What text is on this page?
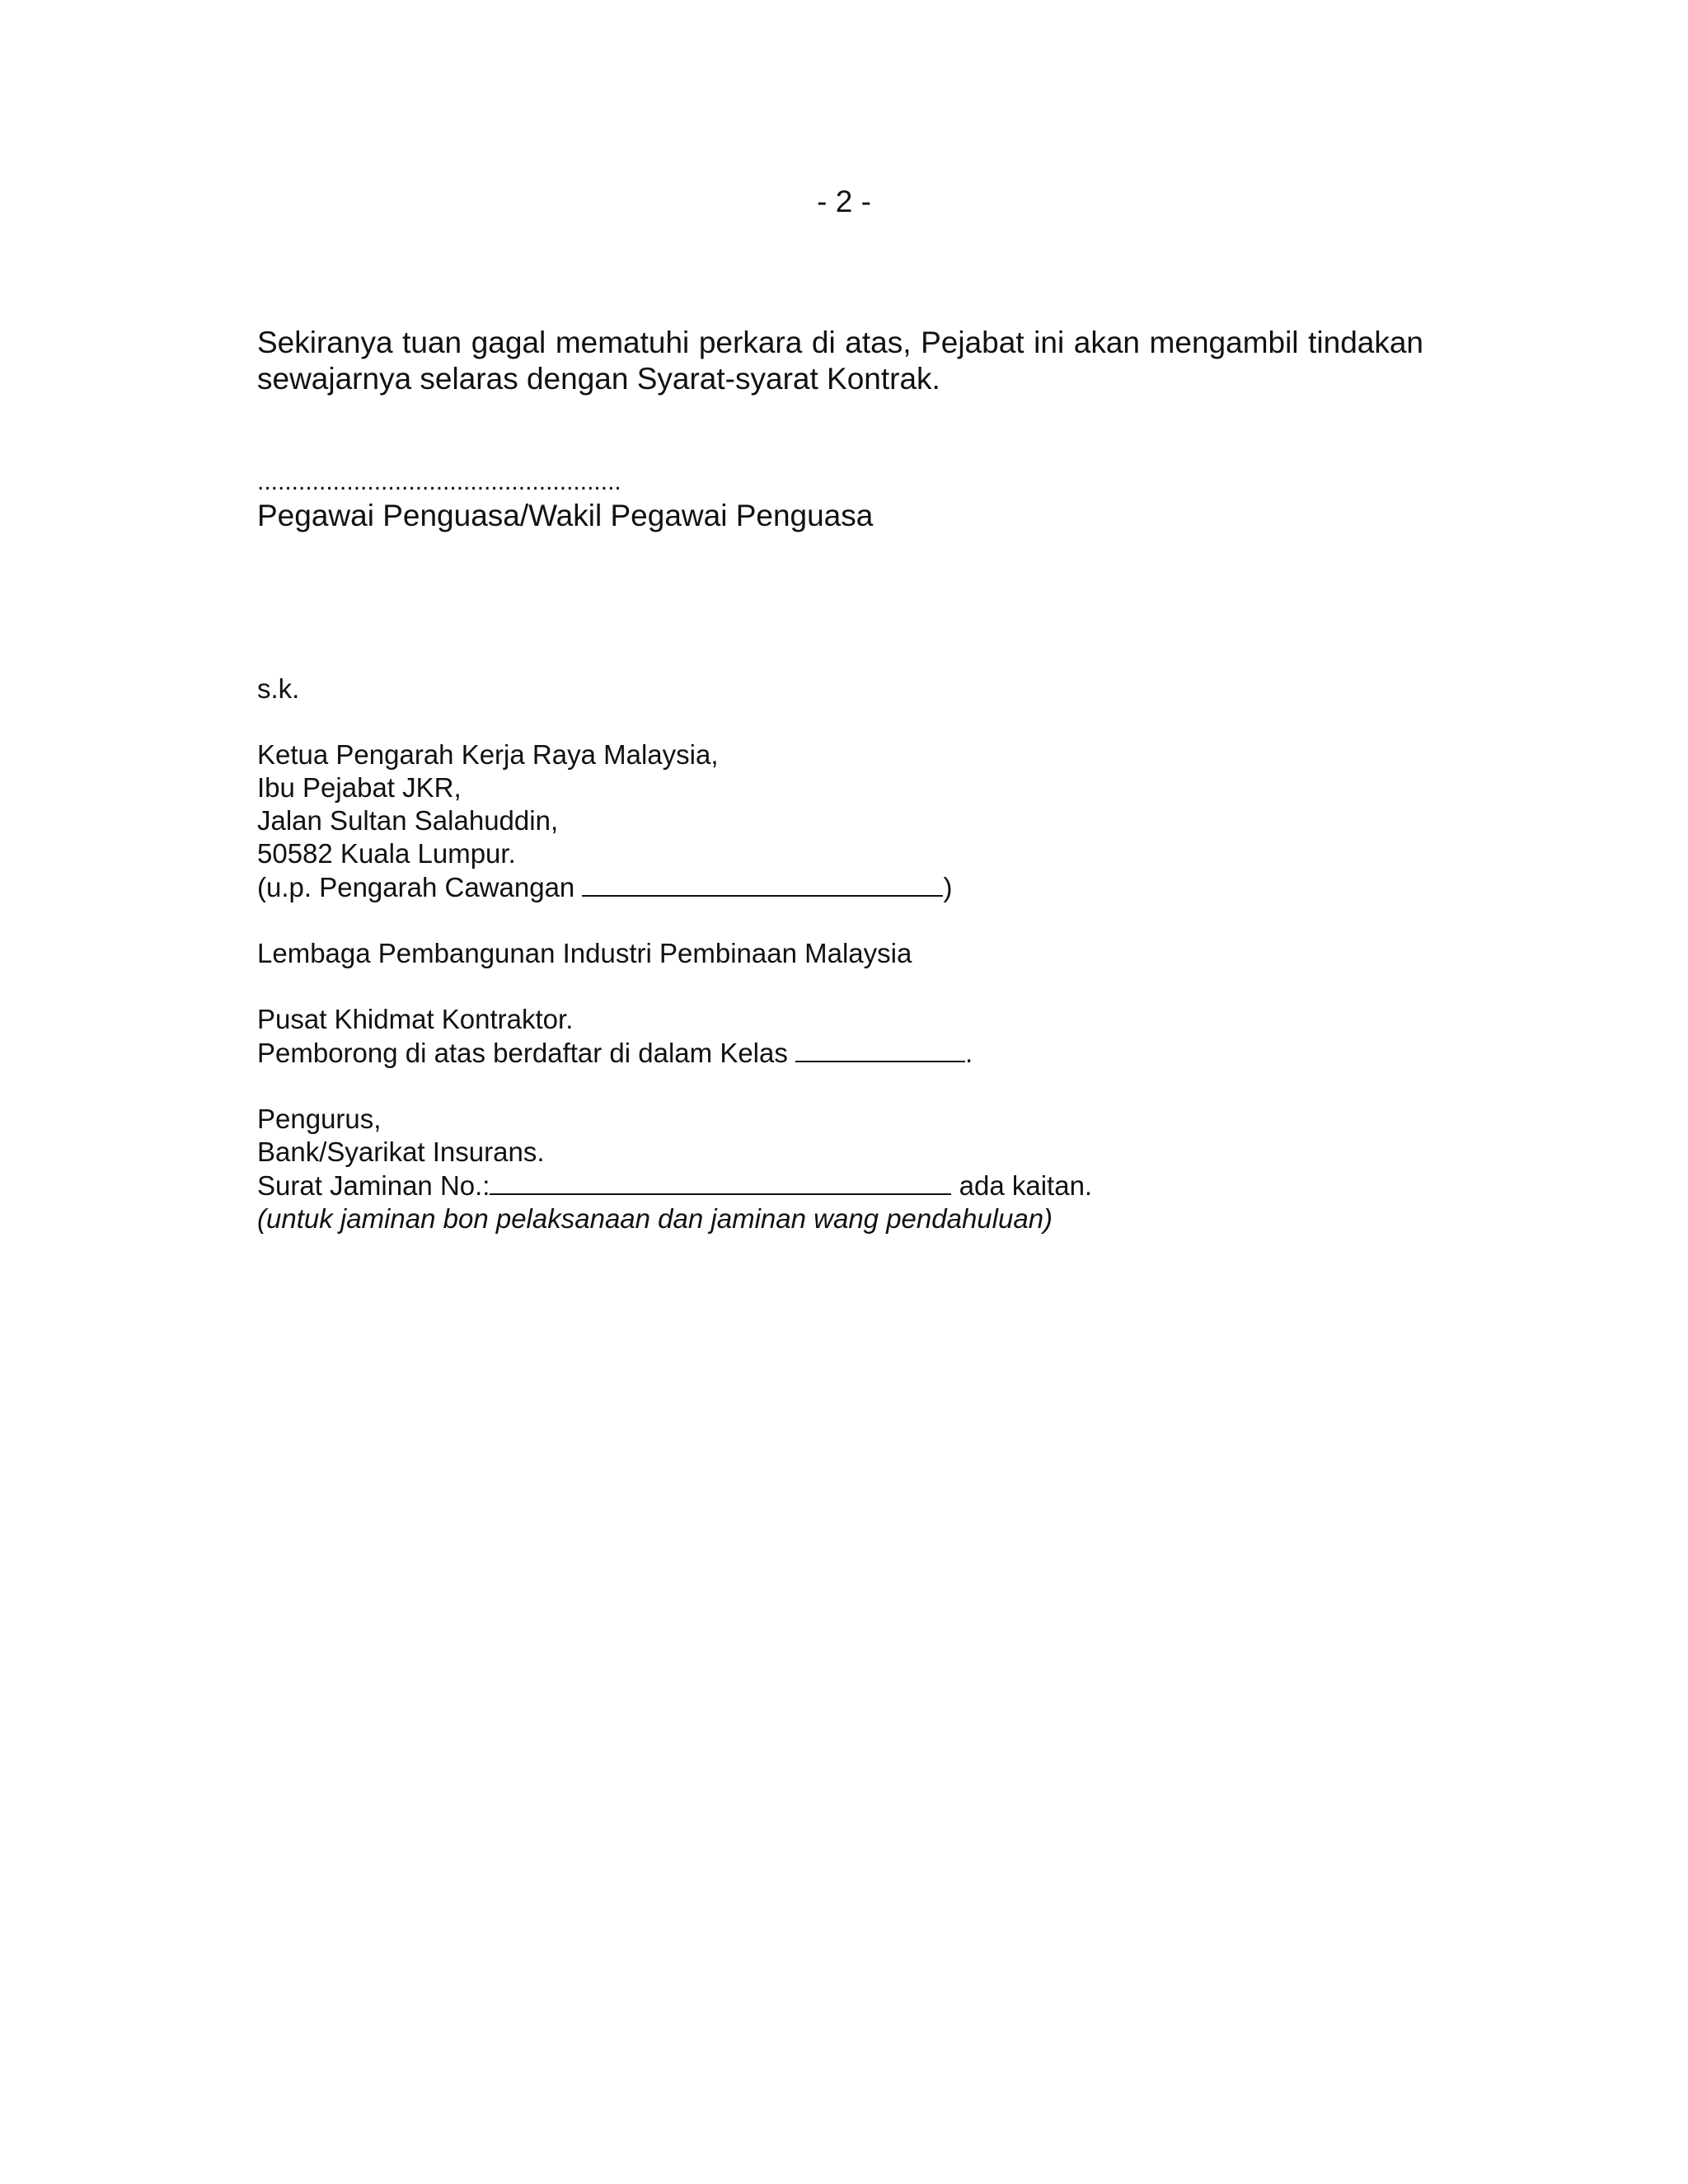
- 2 -
Sekiranya tuan gagal mematuhi perkara di atas, Pejabat ini akan mengambil tindakan sewajarnya selaras dengan Syarat-syarat Kontrak.
.....................................................
Pegawai Penguasa/Wakil Pegawai Penguasa
s.k.
Ketua Pengarah Kerja Raya Malaysia,
Ibu Pejabat JKR,
Jalan Sultan Salahuddin,
50582 Kuala Lumpur.
(u.p. Pengarah Cawangan	)
Lembaga Pembangunan Industri Pembinaan Malaysia
Pusat Khidmat Kontraktor.
Pemborong di atas berdaftar di dalam Kelas	.
Pengurus,
Bank/Syarikat Insurans.
Surat Jaminan No.:	ada kaitan.
(untuk jaminan bon pelaksanaan dan jaminan wang pendahuluan)
